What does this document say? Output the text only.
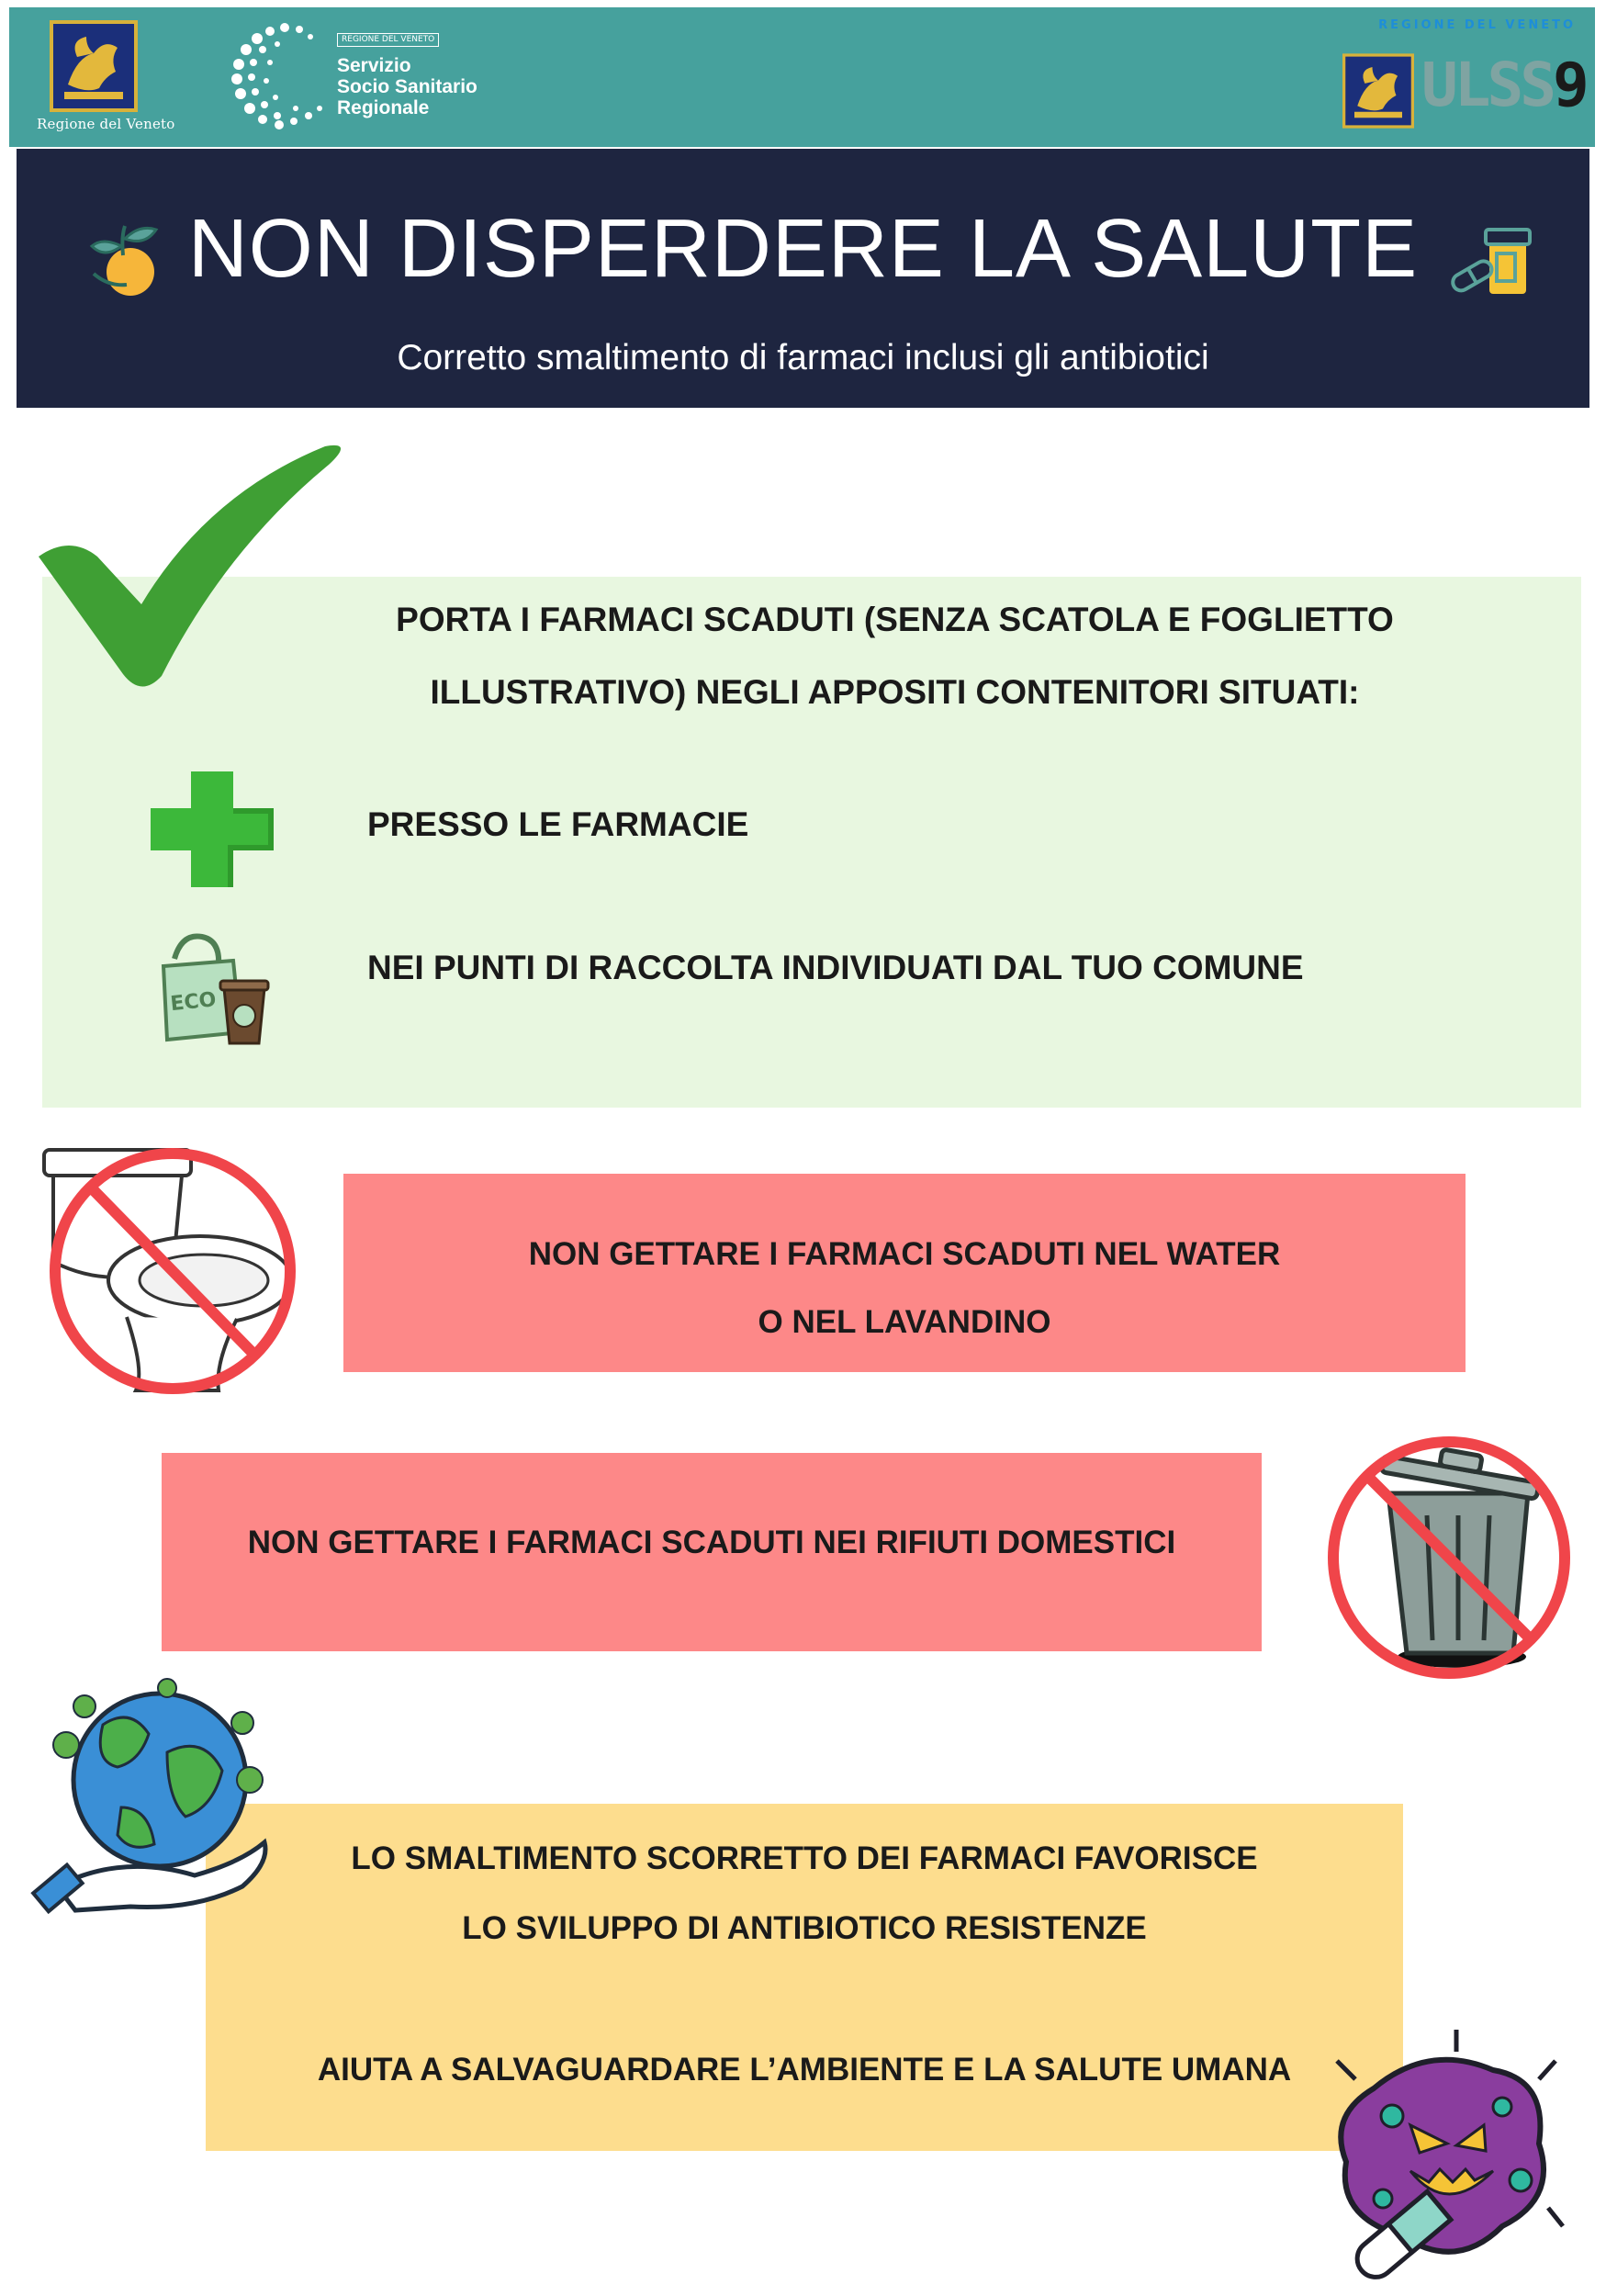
Regione del Veneto
REGIONE DEL VENETO
Servizio
Socio Sanitario
Regionale
REGIONE DEL VENETO
ULSS9
NON DISPERDERE LA SALUTE
Corretto smaltimento di farmaci inclusi gli antibiotici
PORTA I FARMACI SCADUTI (SENZA SCATOLA E FOGLIETTO
ILLUSTRATIVO) NEGLI APPOSITI CONTENITORI SITUATI:
PRESSO LE FARMACIE
ECO
NEI PUNTI DI RACCOLTA INDIVIDUATI DAL TUO COMUNE
NON GETTARE I FARMACI SCADUTI NEL WATER
O NEL LAVANDINO
NON GETTARE I FARMACI SCADUTI NEI RIFIUTI DOMESTICI
LO SMALTIMENTO SCORRETTO DEI FARMACI FAVORISCE
LO SVILUPPO DI ANTIBIOTICO RESISTENZE
AIUTA A SALVAGUARDARE L’AMBIENTE E LA SALUTE UMANA
